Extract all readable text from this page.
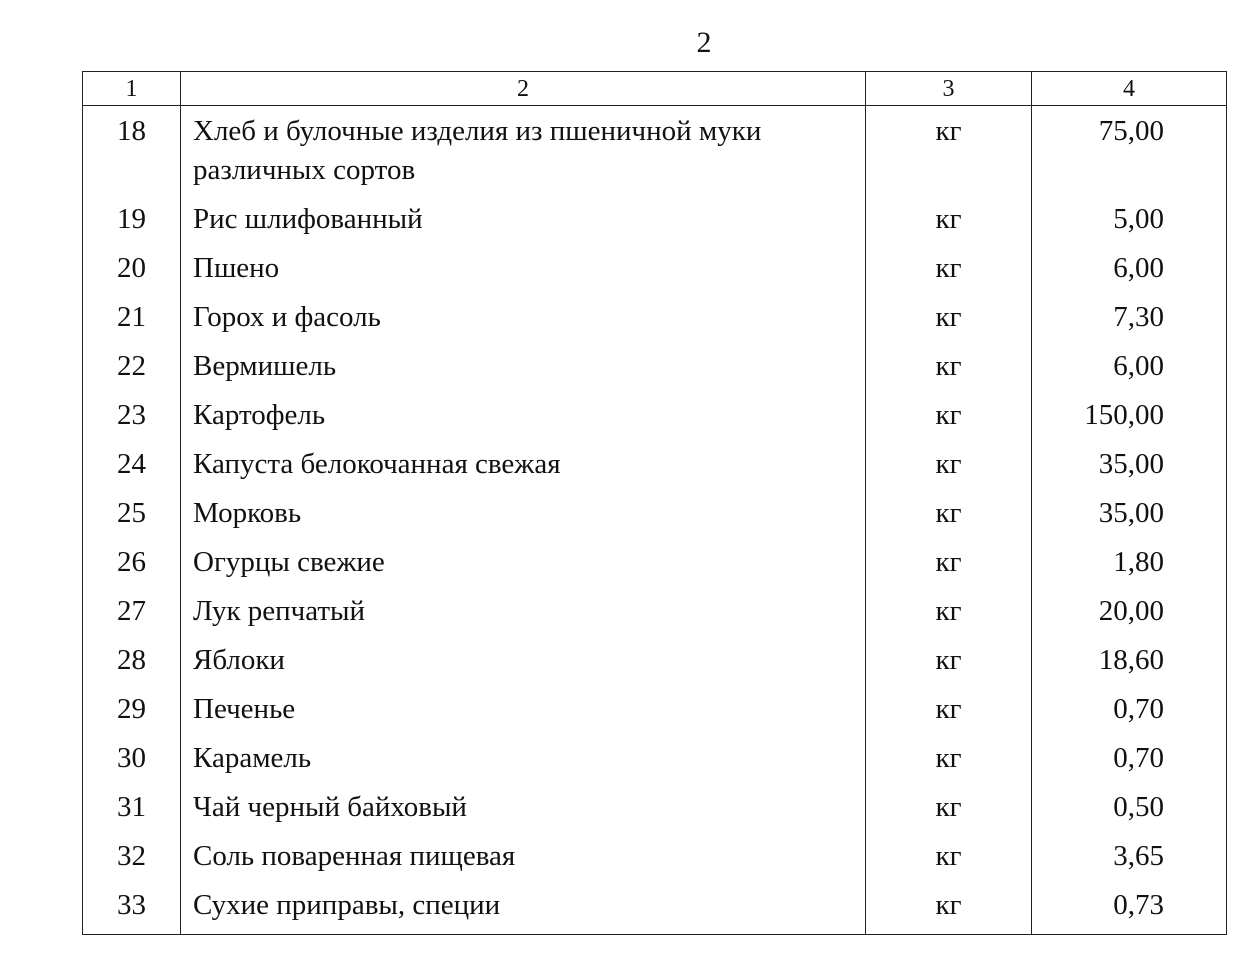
2
1	2	3	4
18	Хлеб и булочные изделия из пшеничной муки различных сортов	кг	75,00
19	Рис шлифованный	кг	5,00
20	Пшено	кг	6,00
21	Горох и фасоль	кг	7,30
22	Вермишель	кг	6,00
23	Картофель	кг	150,00
24	Капуста белокочанная свежая	кг	35,00
25	Морковь	кг	35,00
26	Огурцы свежие	кг	1,80
27	Лук репчатый	кг	20,00
28	Яблоки	кг	18,60
29	Печенье	кг	0,70
30	Карамель	кг	0,70
31	Чай черный байховый	кг	0,50
32	Соль поваренная пищевая	кг	3,65
33	Сухие приправы, специи	кг	0,73
